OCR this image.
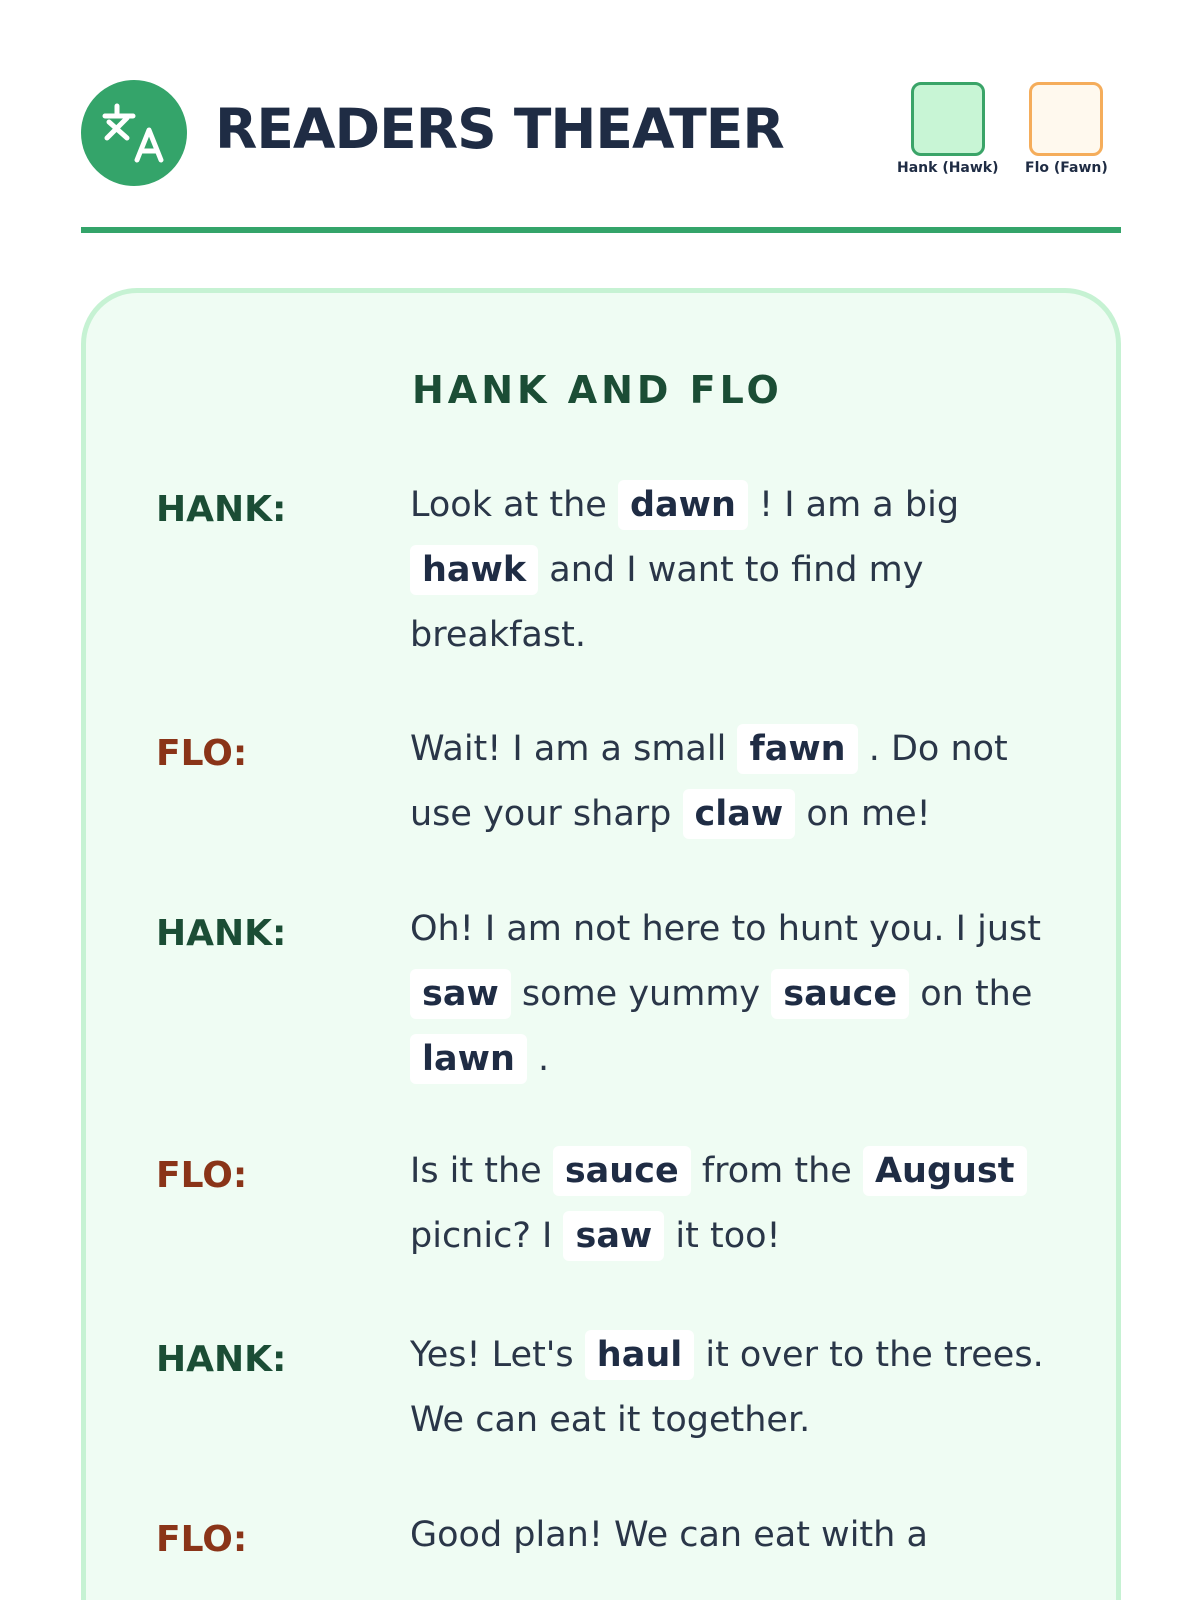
READERS THEATER
Hank (Hawk) Flo (Fawn)
HANK AND FLO
HANK:	Look at the dawn ! I am a big hawk and I want to find my breakfast.
FLO:	Wait! I am a small fawn . Do not use your sharp claw on me!
HANK:	Oh! I am not here to hunt you. I just saw some yummy sauce on the lawn .
FLO:	Is it the sauce from the August picnic? I saw it too!
HANK:	Yes! Let's haul it over to the trees. We can eat it together.
FLO:	Good plan! We can eat with a
